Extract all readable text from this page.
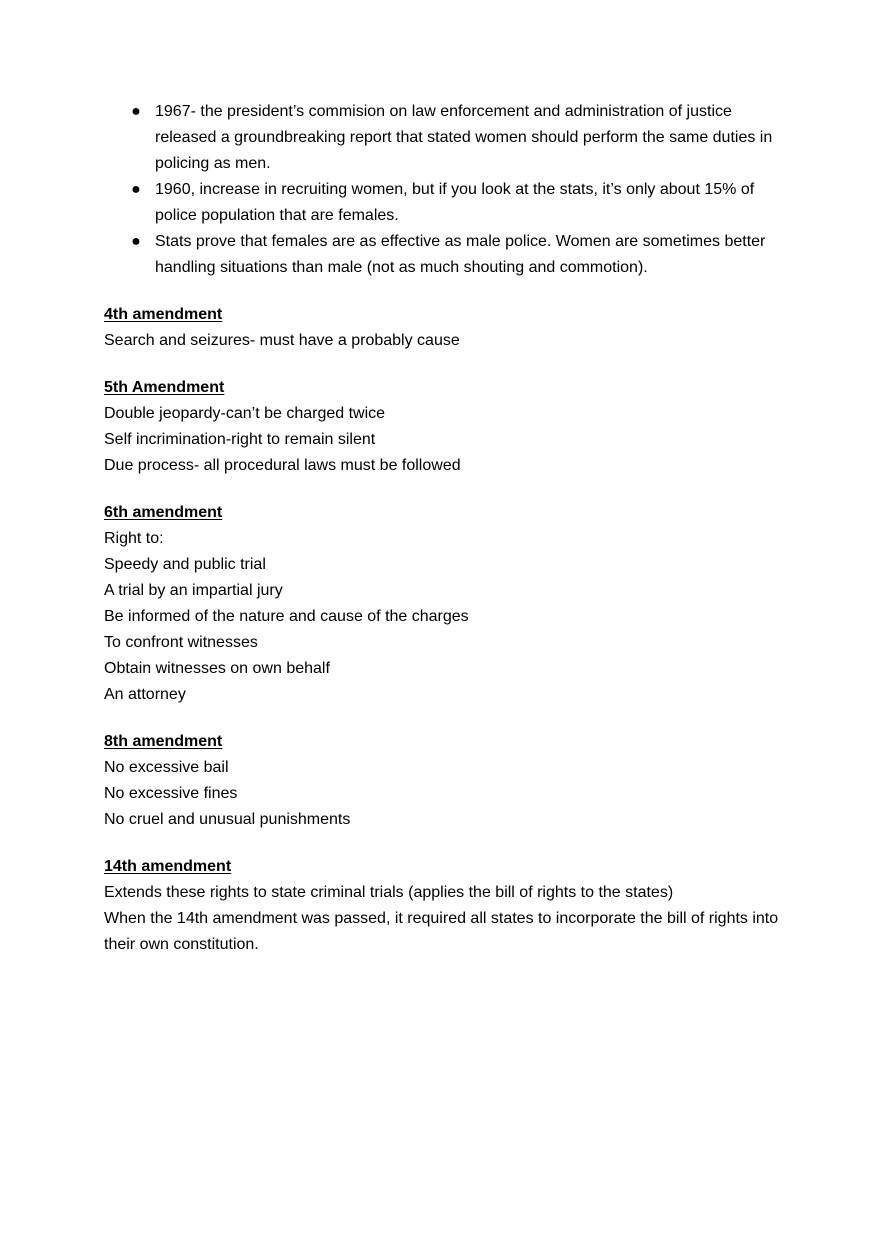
● 1967- the president’s commision on law enforcement and administration of justice released a groundbreaking report that stated women should perform the same duties in policing as men.
● 1960, increase in recruiting women, but if you look at the stats, it’s only about 15% of police population that are females.
● Stats prove that females are as effective as male police. Women are sometimes better handling situations than male (not as much shouting and commotion).

4th amendment

Search and seizures- must have a probably cause

5th Amendment

Double jeopardy-can’t be charged twice

Self incrimination-right to remain silent

Due process- all procedural laws must be followed

6th amendment

Right to:

Speedy and public trial

A trial by an impartial jury

Be informed of the nature and cause of the charges

To confront witnesses

Obtain witnesses on own behalf

An attorney

8th amendment

No excessive bail

No excessive fines

No cruel and unusual punishments

14th amendment

Extends these rights to state criminal trials (applies the bill of rights to the states)

When the 14th amendment was passed, it required all states to incorporate the bill of rights into their own constitution.
